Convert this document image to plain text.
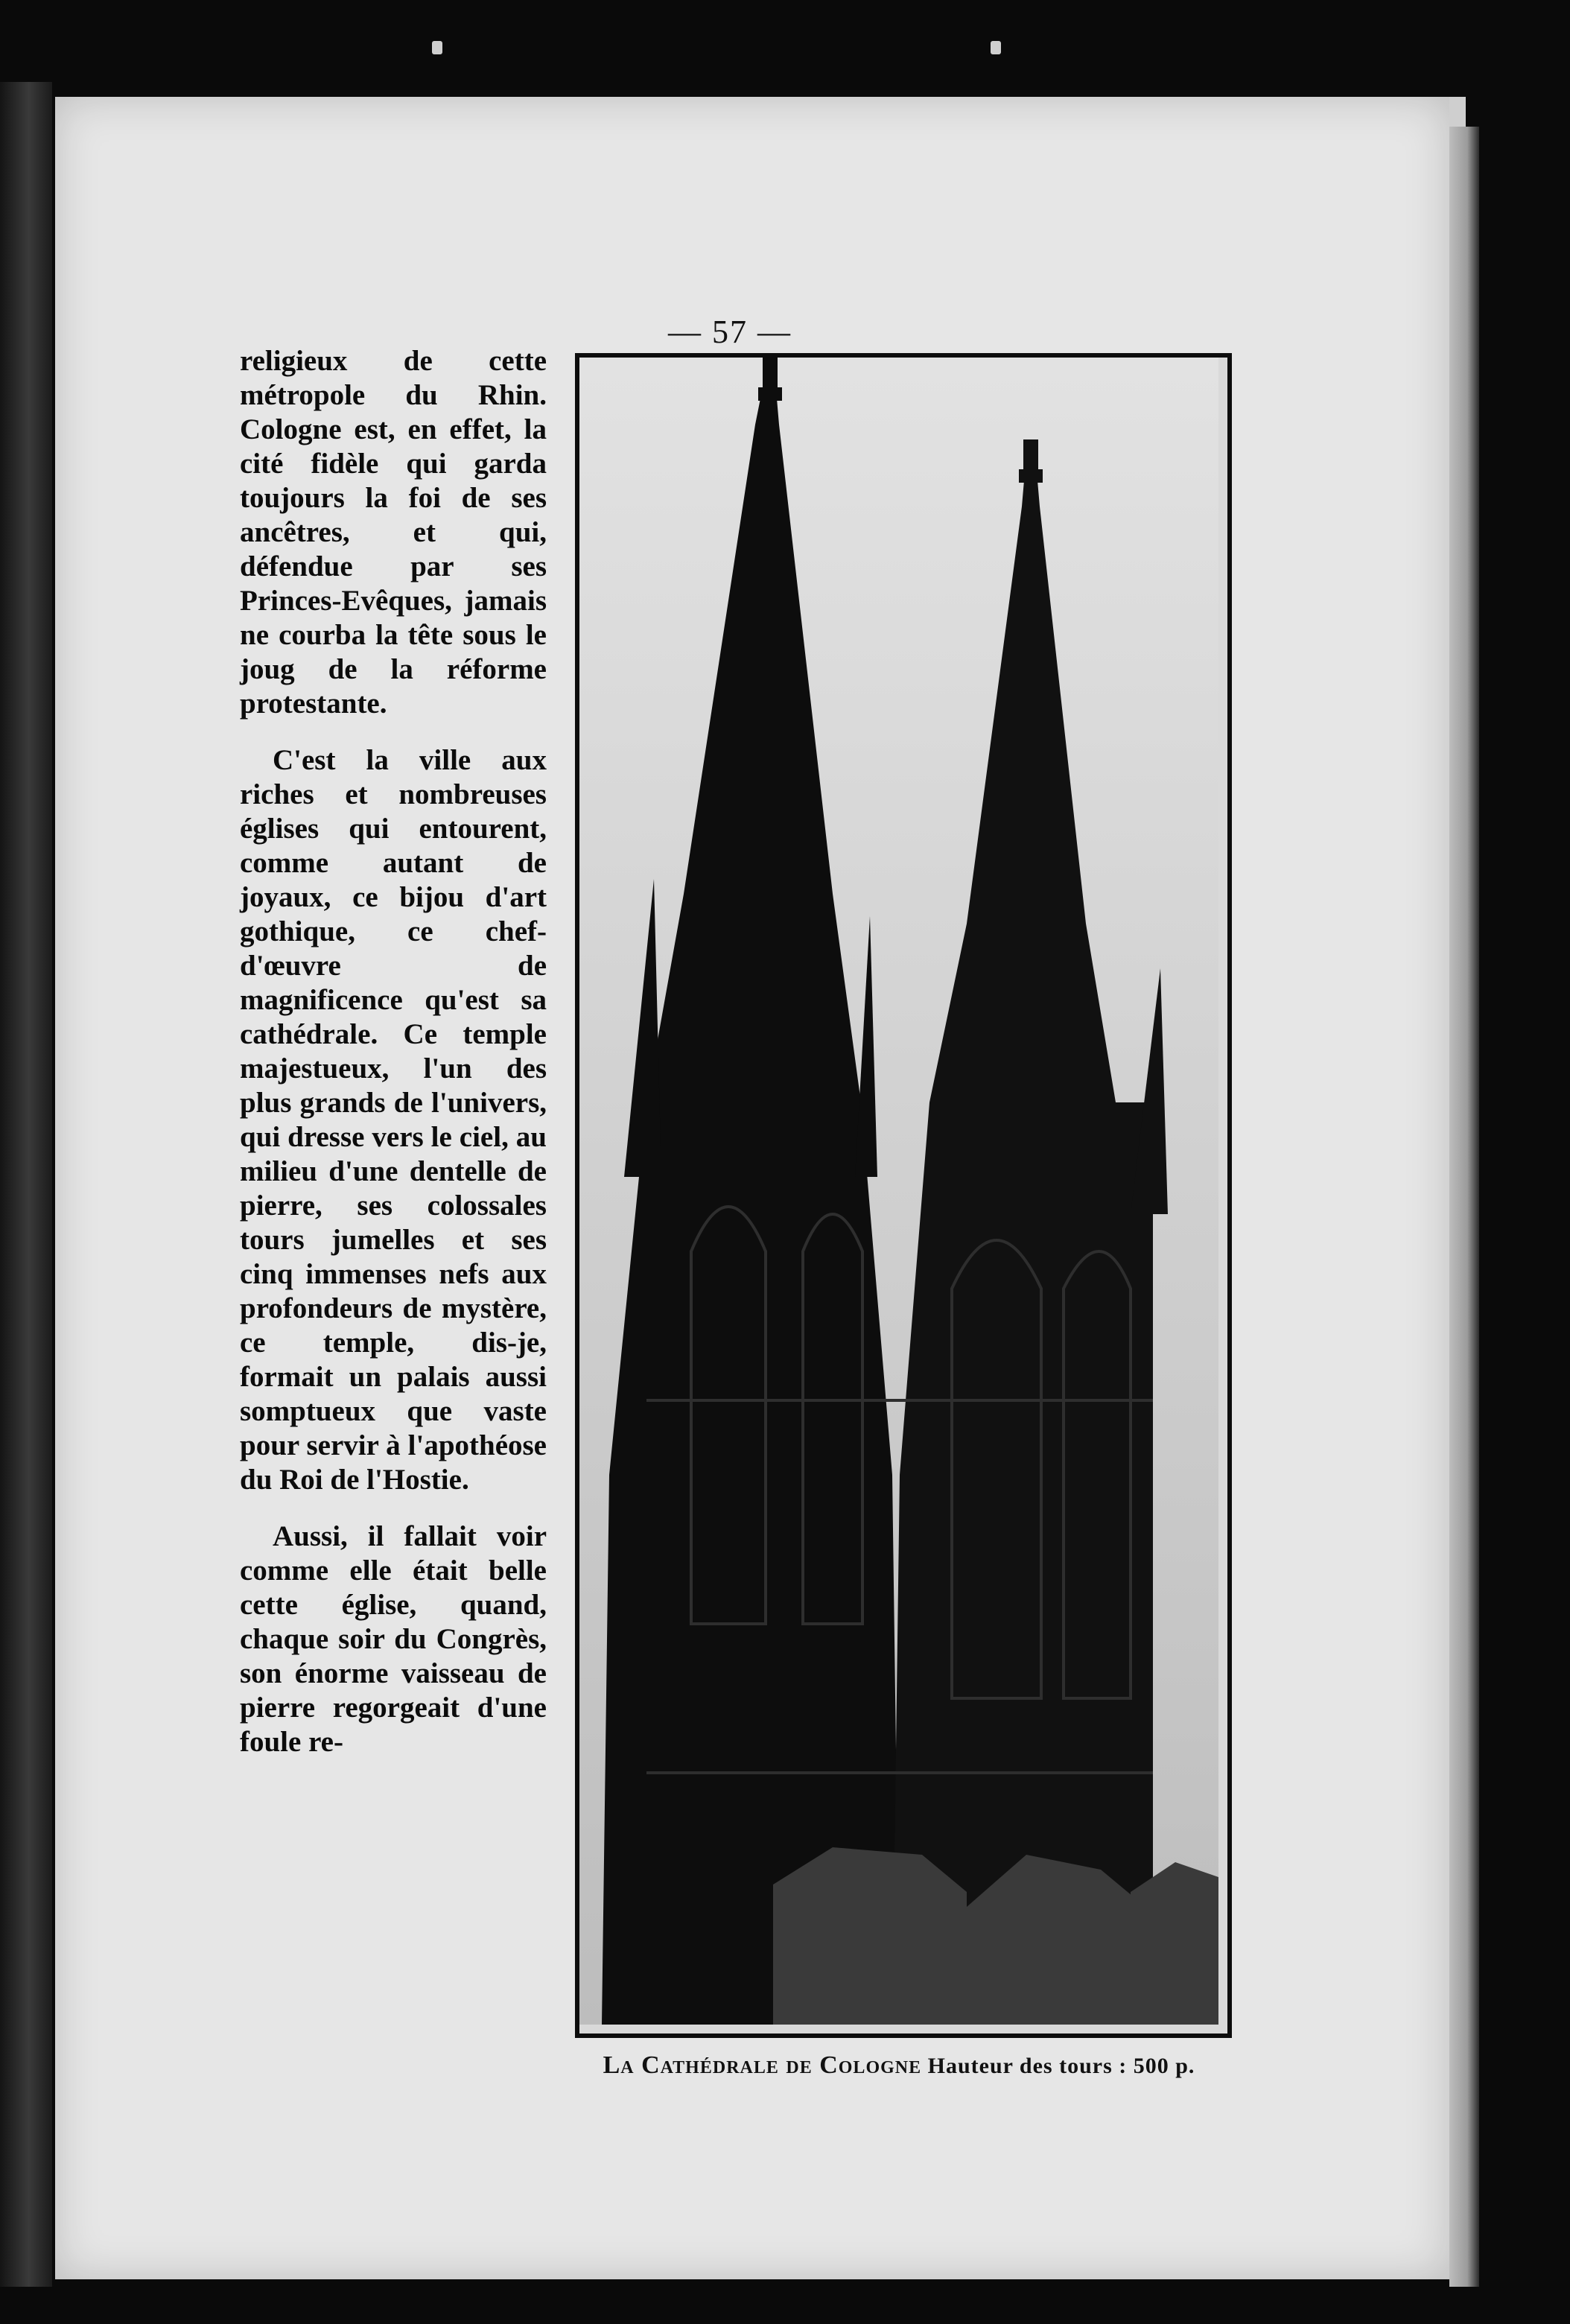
— 57 —

religieux de cette métropole du Rhin. Cologne est, en effet, la cité fidèle qui garda toujours la foi de ses ancêtres, et qui, défendue par ses Princes-Evêques, jamais ne courba la tête sous le joug de la réforme protestante.

C'est la ville aux riches et nombreuses églises qui entourent, comme autant de joyaux, ce bijou d'art gothique, ce chef-d'œuvre de magnificence qu'est sa cathédrale. Ce temple majestueux, l'un des plus grands de l'univers, qui dresse vers le ciel, au milieu d'une dentelle de pierre, ses colossales tours jumelles et ses cinq immenses nefs aux profondeurs de mystère, ce temple, dis-je, formait un palais aussi somptueux que vaste pour servir à l'apothéose du Roi de l'Hostie.

Aussi, il fallait voir comme elle était belle cette église, quand, chaque soir du Congrès, son énorme vaisseau de pierre regorgeait d'une foule re-

La Cathédrale de Cologne Hauteur des tours : 500 p.
